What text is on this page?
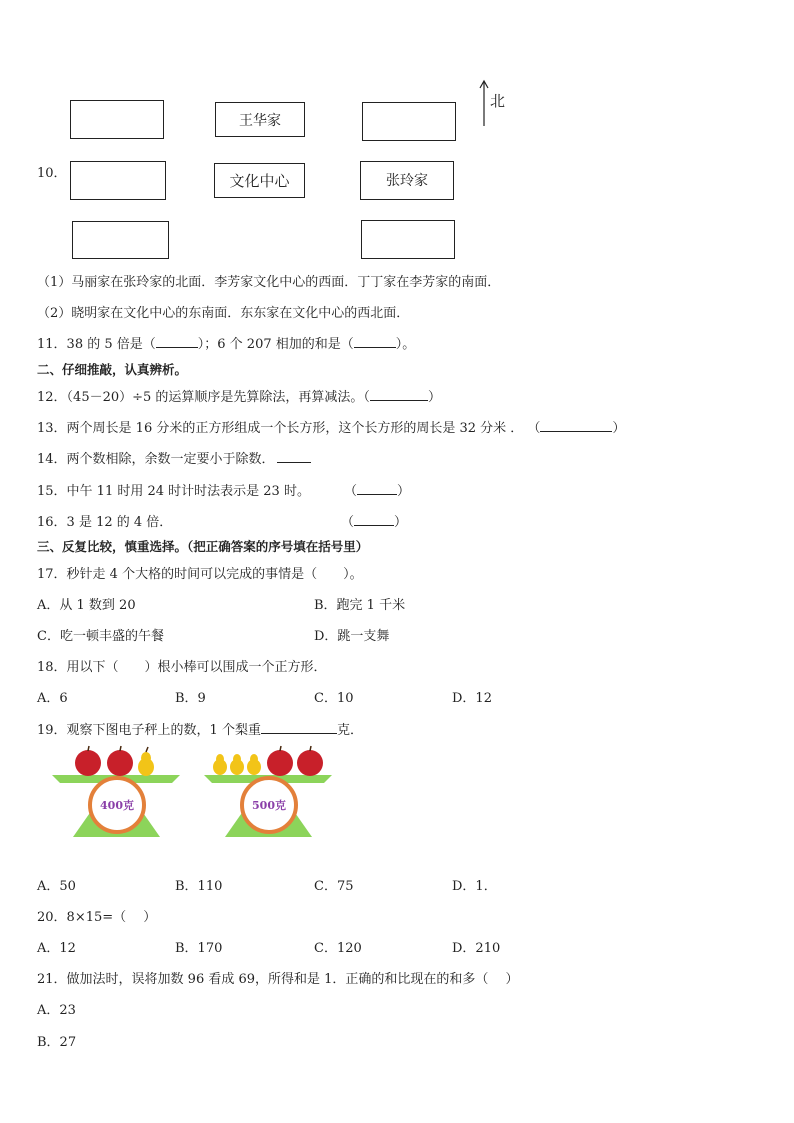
王华家
北
10．	文化中心	张玲家
（1）马丽家在张玲家的北面．李芳家文化中心的西面．丁丁家在李芳家的南面．
（2）晓明家在文化中心的东南面．东东家在文化中心的西北面．
11．38 的 5 倍是（	）；6 个 207 相加的和是（	）。
二、仔细推敲，认真辨析。
12．（45－20）÷5 的运算顺序是先算除法，再算减法。（	）
13．两个周长是 16 分米的正方形组成一个长方形，这个长方形的周长是 32 分米 ． （	）
14．两个数相除，余数一定要小于除数．
15．中午 11 时用 24 时计时法表示是 23 时。	（	）
16．3 是 12 的 4 倍．	（	）
三、反复比较，慎重选择。（把正确答案的序号填在括号里）
17．秒针走 4 个大格的时间可以完成的事情是（　　）。
A．从 1 数到 20	B．跑完 1 千米
C．吃一顿丰盛的午餐	D．跳一支舞
18．用以下（　　）根小棒可以围成一个正方形．
A．6	B．9	C．10	D．12
19．观察下图电子秤上的数，1 个梨重	克．
400克	500克
A．50	B．110	C．75	D．1．
20．8×15=（　 ）
A．12	B．170	C．120	D．210
21．做加法时，误将加数 96 看成 69，所得和是 1．正确的和比现在的和多（　 ）
A．23
B．27
